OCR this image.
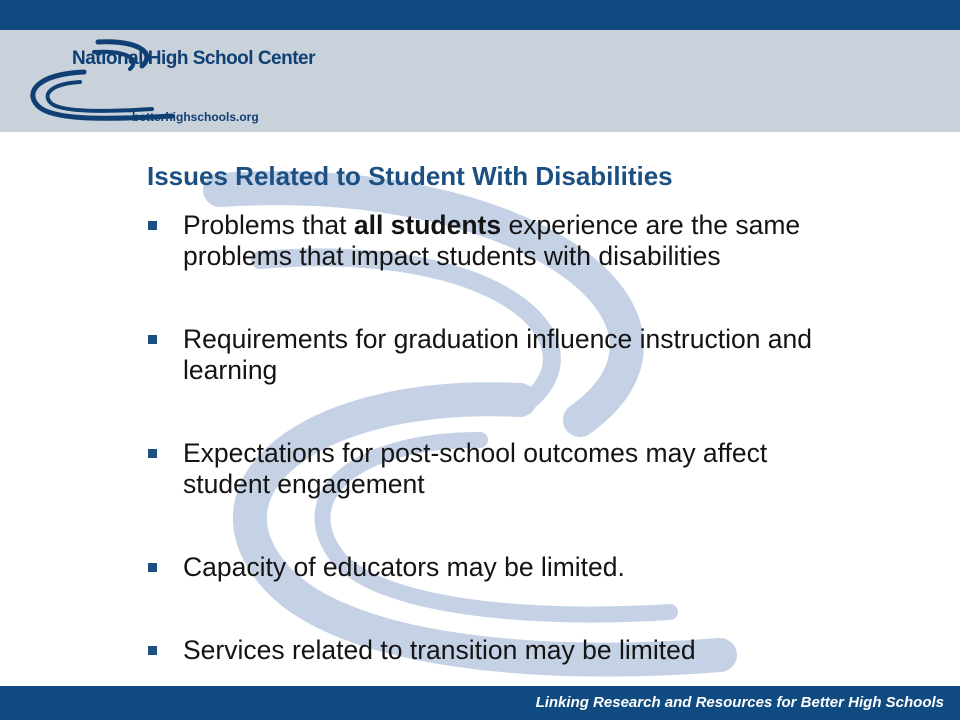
National High School Center
betterhighschools.org
Issues Related to Student With Disabilities
Problems that all students experience are the same problems that impact students with disabilities
Requirements for graduation influence instruction and learning
Expectations for post-school outcomes may affect student engagement
Capacity of educators may be limited.
Services related to transition may be limited
Linking Research and Resources for Better High Schools
